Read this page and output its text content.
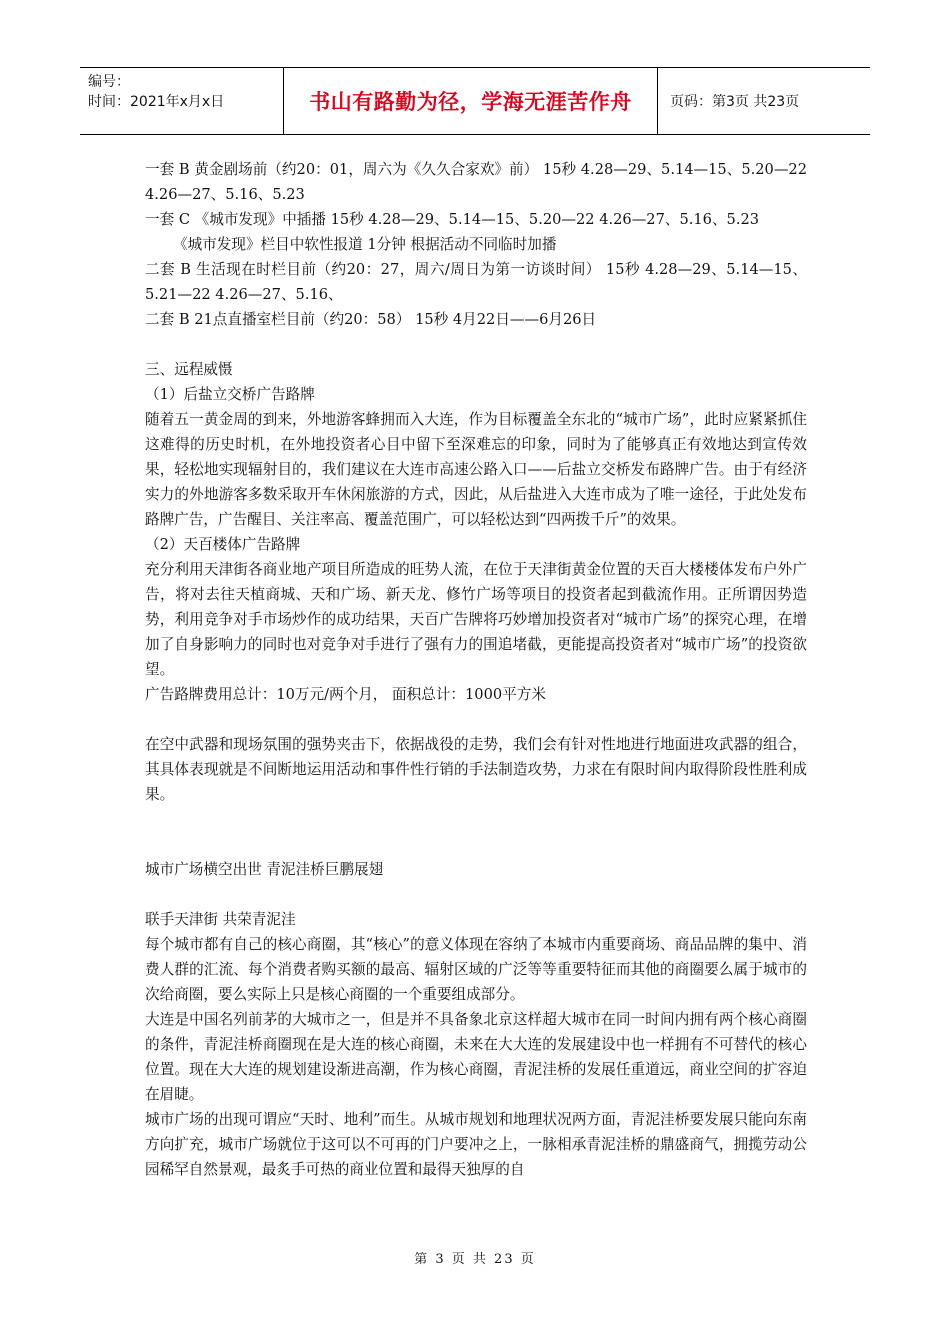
编号：
时间：2021年x月x日	书山有路勤为径，学海无涯苦作舟	页码：第3页 共23页

一套 B 黄金剧场前（约20：01，周六为《久久合家欢》前） 15秒 4.28—29、5.14—15、5.20—22 4.26—27、5.16、5.23

一套 C 《城市发现》中插播 15秒 4.28—29、5.14—15、5.20—22 4.26—27、5.16、5.23

《城市发现》栏目中软性报道 1分钟 根据活动不同临时加播

二套 B 生活现在时栏目前（约20：27，周六/周日为第一访谈时间） 15秒 4.28—29、5.14—15、5.21—22 4.26—27、5.16、

二套 B 21点直播室栏目前（约20：58） 15秒 4月22日——6月26日

三、远程威慑

（1）后盐立交桥广告路牌

随着五一黄金周的到来，外地游客蜂拥而入大连，作为目标覆盖全东北的“城市广场”，此时应紧紧抓住这难得的历史时机，在外地投资者心目中留下至深难忘的印象，同时为了能够真正有效地达到宣传效果，轻松地实现辐射目的，我们建议在大连市高速公路入口——后盐立交桥发布路牌广告。由于有经济实力的外地游客多数采取开车休闲旅游的方式，因此，从后盐进入大连市成为了唯一途径，于此处发布路牌广告，广告醒目、关注率高、覆盖范围广，可以轻松达到“四两拨千斤”的效果。

（2）天百楼体广告路牌

充分利用天津街各商业地产项目所造成的旺势人流，在位于天津街黄金位置的天百大楼楼体发布户外广告，将对去往天植商城、天和广场、新天龙、修竹广场等项目的投资者起到截流作用。正所谓因势造势，利用竞争对手市场炒作的成功结果，天百广告牌将巧妙增加投资者对“城市广场”的探究心理，在增加了自身影响力的同时也对竞争对手进行了强有力的围追堵截，更能提高投资者对“城市广场”的投资欲望。

广告路牌费用总计：10万元/两个月， 面积总计：1000平方米

在空中武器和现场氛围的强势夹击下，依据战役的走势，我们会有针对性地进行地面进攻武器的组合，其具体表现就是不间断地运用活动和事件性行销的手法制造攻势，力求在有限时间内取得阶段性胜利成果。

城市广场横空出世 青泥洼桥巨鹏展翅

联手天津街 共荣青泥洼

每个城市都有自己的核心商圈，其“核心”的意义体现在容纳了本城市内重要商场、商品品牌的集中、消费人群的汇流、每个消费者购买额的最高、辐射区域的广泛等等重要特征而其他的商圈要么属于城市的次给商圈，要么实际上只是核心商圈的一个重要组成部分。

大连是中国名列前茅的大城市之一，但是并不具备象北京这样超大城市在同一时间内拥有两个核心商圈的条件，青泥洼桥商圈现在是大连的核心商圈，未来在大大连的发展建设中也一样拥有不可替代的核心位置。现在大大连的规划建设渐进高潮，作为核心商圈，青泥洼桥的发展任重道远，商业空间的扩容迫在眉睫。

城市广场的出现可谓应“天时、地利”而生。从城市规划和地理状况两方面，青泥洼桥要发展只能向东南方向扩充，城市广场就位于这可以不可再的门户要冲之上，一脉相承青泥洼桥的鼎盛商气，拥揽劳动公园稀罕自然景观，最炙手可热的商业位置和最得天独厚的自

第 3 页 共 23 页
